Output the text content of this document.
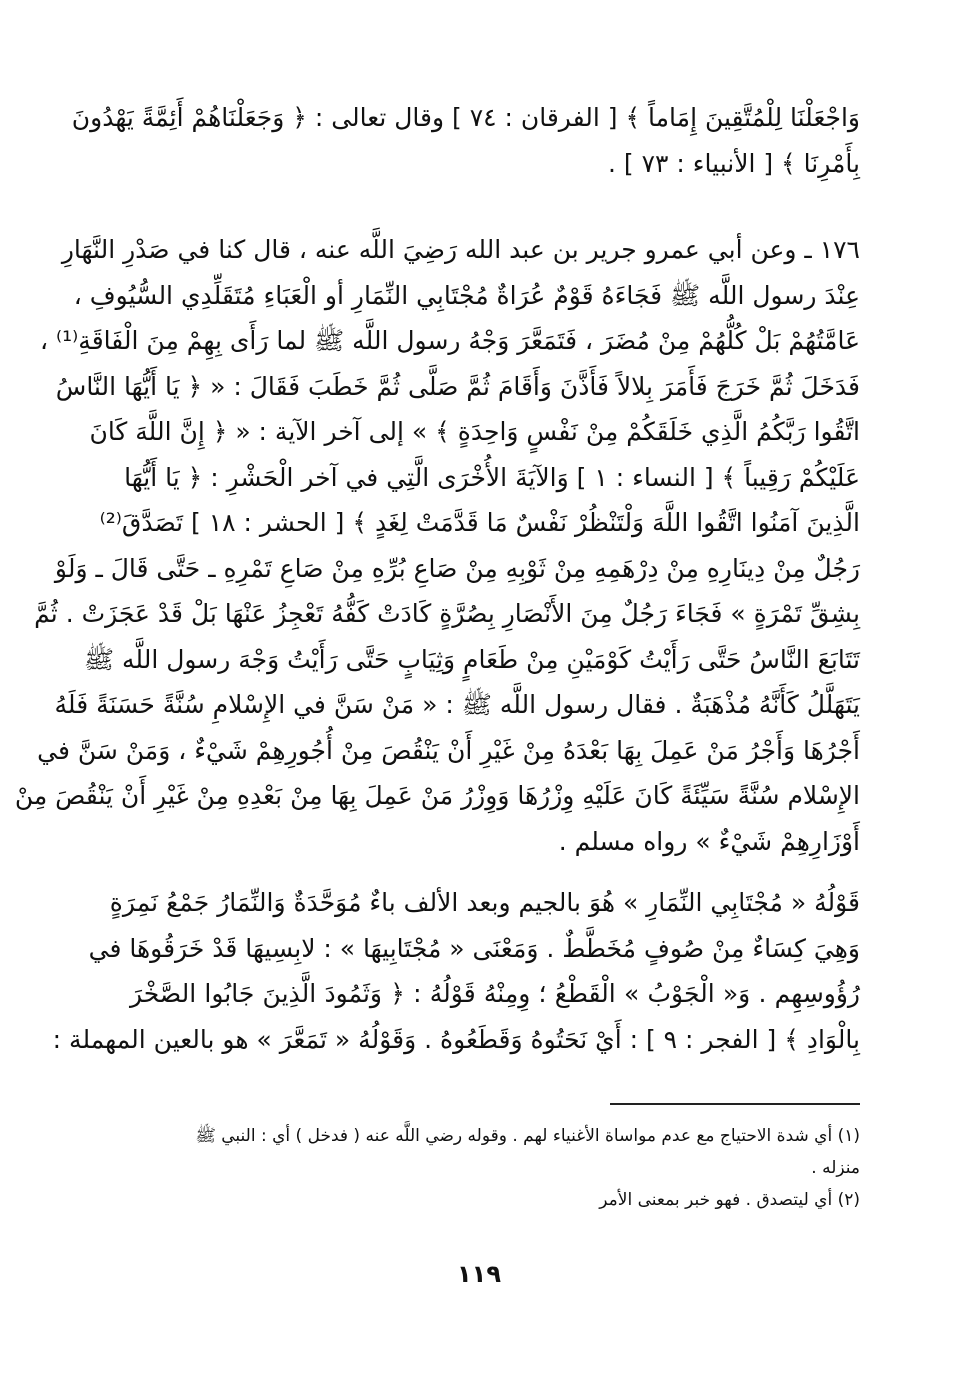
وَاجْعَلْنَا لِلْمُتَّقِينَ إِمَاماً ﴾ [ الفرقان : ٧٤ ] وقال تعالى : ﴿ وَجَعَلْنَاهُمْ أَئِمَّةً يَهْدُونَ
بِأَمْرِنَا ﴾ [ الأنبياء : ٧٣ ] .
١٧٦ ـ وعن أبي عمرو جرير بن عبد الله رَضِيَ اللَّه عنه ، قال كنا في صَدْرِ النَّهَارِ
عِنْدَ رسول اللَّه ﷺ فَجَاءَهُ قَوْمٌ عُرَاةٌ مُجْتَابِي النِّمَارِ أو الْعَبَاءِ مُتَقَلِّدِي السُّيُوفِ ،
عَامَّتُهُمْ بَلْ كُلُّهُمْ مِنْ مُضَرَ ، فَتَمَعَّرَ وَجْهُ رسول اللَّه ﷺ لما رَأَى بِهِمْ مِنَ الْفَاقَةِ⁽¹⁾ ،
فَدَخَلَ ثُمَّ خَرَجَ فَأَمَرَ بِلالاً فَأَذَّنَ وَأَقَامَ ثُمَّ صَلَّى ثُمَّ خَطَبَ فَقَالَ : « ﴿ يَا أَيُّهَا النَّاسُ
اتَّقُوا رَبَّكُمُ الَّذِي خَلَقَكُمْ مِنْ نَفْسٍ وَاحِدَةٍ ﴾ » إلى آخر الآية : « ﴿ إِنَّ اللَّهَ كَانَ
عَلَيْكُمْ رَقِيباً ﴾ [ النساء : ١ ] وَالآيَةَ الأُخْرَى الَّتِي في آخر الْحَشْرِ : ﴿ يَا أَيُّهَا
الَّذِينَ آمَنُوا اتَّقُوا اللَّهَ وَلْتَنْظُرْ نَفْسٌ مَا قَدَّمَتْ لِغَدٍ ﴾ [ الحشر : ١٨ ] تَصَدَّقَ⁽²⁾
رَجُلٌ مِنْ دِينَارِهِ مِنْ دِرْهَمِهِ مِنْ ثَوْبِهِ مِنْ صَاعِ بُرِّهِ مِنْ صَاعِ تَمْرِهِ ـ حَتَّى قَالَ ـ وَلَوْ
بِشِقِّ تَمْرَةٍ » فَجَاءَ رَجُلٌ مِنَ الأَنْصَارِ بِصُرَّةٍ كَادَتْ كَفُّهُ تَعْجِزُ عَنْهَا بَلْ قَدْ عَجَزَتْ . ثُمَّ
تَتَابَعَ النَّاسُ حَتَّى رَأَيْتُ كَوْمَيْنِ مِنْ طَعَامٍ وَثِيَابٍ حَتَّى رَأَيْتُ وَجْهَ رسول اللَّه ﷺ
يَتَهَلَّلُ كَأَنَّهُ مُذْهَبَةٌ . فقال رسول اللَّه ﷺ : « مَنْ سَنَّ في الإِسْلامِ سُنَّةً حَسَنَةً فَلَهُ
أَجْرُهَا وَأَجْرُ مَنْ عَمِلَ بِهَا بَعْدَهُ مِنْ غَيْرِ أَنْ يَنْقُصَ مِنْ أُجُورِهِمْ شَيْءٌ ، وَمَنْ سَنَّ في
الإِسْلام سُنَّةً سَيِّئَةً كَانَ عَلَيْهِ وِزْرُهَا وَوِزْرُ مَنْ عَمِلَ بِهَا مِنْ بَعْدِهِ مِنْ غَيْرِ أَنْ يَنْقُصَ مِنْ
أَوْزَارِهِمْ شَيْءٌ » رواه مسلم .
قَوْلُهُ « مُجْتَابِي النِّمَارِ » هُوَ بالجيم وبعد الألف باءٌ مُوَحَّدَةٌ وَالنِّمَارُ جَمْعُ نَمِرَةٍ
وَهِيَ كِسَاءٌ مِنْ صُوفٍ مُخَطَّطٌ . وَمَعْنَى « مُجْتَابِيهَا » : لابِسِيهَا قَدْ خَرَقُوهَا في
رُؤُوسِهِم . وَ« الْجَوْبُ » الْقَطْعُ ؛ وِمِنْهُ قَوْلُهُ : ﴿ وَثَمُودَ الَّذِينَ جَابُوا الصَّخْرَ
بِالْوَادِ ﴾ [ الفجر : ٩ ] : أَيْ نَحَتُوهُ وَقَطَعُوهُ . وَقَوْلُهُ « تَمَعَّرَ » هو بالعين المهملة :
(١) أي شدة الاحتياج مع عدم مواساة الأغنياء لهم . وقوله رضي اللَّه عنه ( فدخل ) أي : النبي ﷺ
منزله .
(٢) أي ليتصدق . فهو خبر بمعنى الأمر
١١٩
